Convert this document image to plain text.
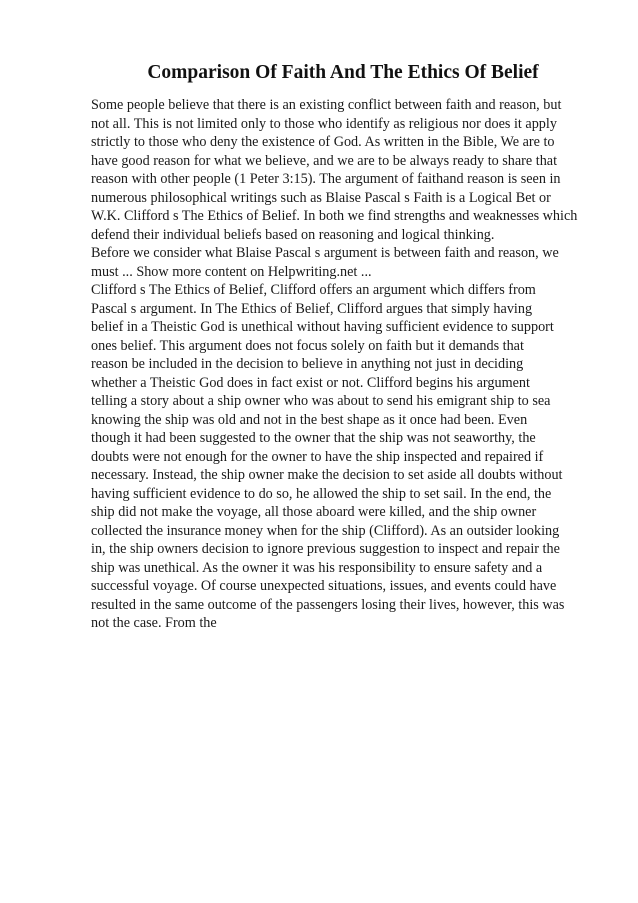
Comparison Of Faith And The Ethics Of Belief
Some people believe that there is an existing conflict between faith and reason, but
not all. This is not limited only to those who identify as religious nor does it apply
strictly to those who deny the existence of God. As written in the Bible, We are to
have good reason for what we believe, and we are to be always ready to share that
reason with other people (1 Peter 3:15). The argument of faithand reason is seen in
numerous philosophical writings such as Blaise Pascal s Faith is a Logical Bet or
W.K. Clifford s The Ethics of Belief. In both we find strengths and weaknesses which
defend their individual beliefs based on reasoning and logical thinking.
Before we consider what Blaise Pascal s argument is between faith and reason, we
must ... Show more content on Helpwriting.net ...
Clifford s The Ethics of Belief, Clifford offers an argument which differs from
Pascal s argument. In The Ethics of Belief, Clifford argues that simply having
belief in a Theistic God is unethical without having sufficient evidence to support
ones belief. This argument does not focus solely on faith but it demands that
reason be included in the decision to believe in anything not just in deciding
whether a Theistic God does in fact exist or not. Clifford begins his argument
telling a story about a ship owner who was about to send his emigrant ship to sea
knowing the ship was old and not in the best shape as it once had been. Even
though it had been suggested to the owner that the ship was not seaworthy, the
doubts were not enough for the owner to have the ship inspected and repaired if
necessary. Instead, the ship owner make the decision to set aside all doubts without
having sufficient evidence to do so, he allowed the ship to set sail. In the end, the
ship did not make the voyage, all those aboard were killed, and the ship owner
collected the insurance money when for the ship (Clifford). As an outsider looking
in, the ship owners decision to ignore previous suggestion to inspect and repair the
ship was unethical. As the owner it was his responsibility to ensure safety and a
successful voyage. Of course unexpected situations, issues, and events could have
resulted in the same outcome of the passengers losing their lives, however, this was
not the case. From the
